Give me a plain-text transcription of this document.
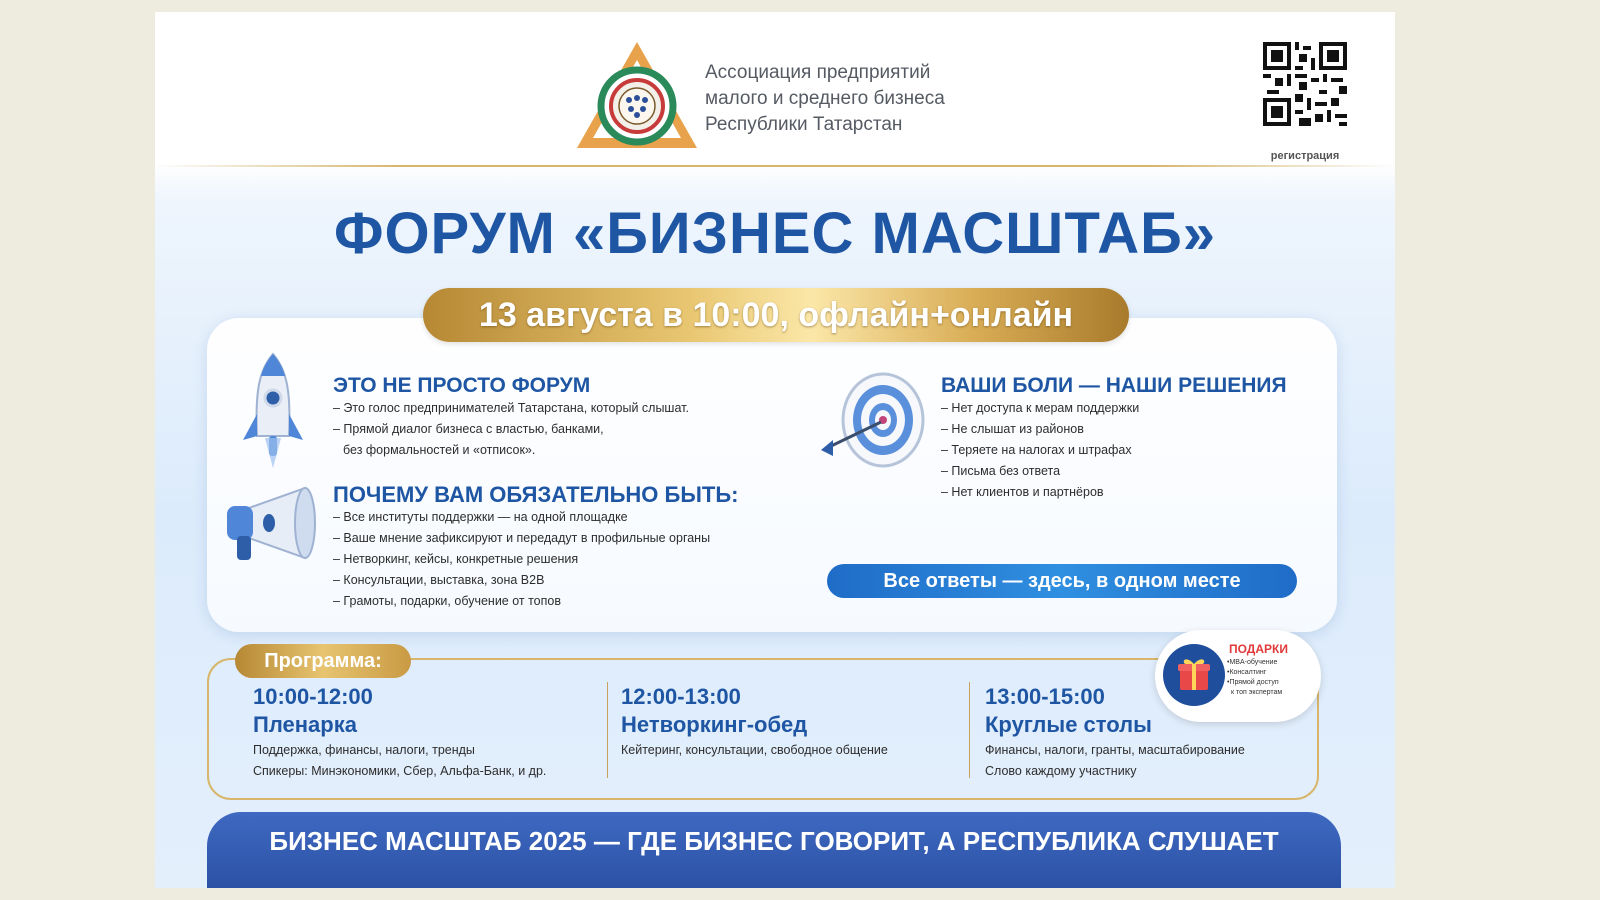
Ассоциация предприятий
малого и среднего бизнеса
Республики Татарстан
регистрация
ФОРУМ «БИЗНЕС МАСШТАБ»
ЭТО НЕ ПРОСТО ФОРУМ
– Это голос предпринимателей Татарстана, который слышат.
– Прямой диалог бизнеса с властью, банками,
без формальностей и «отписок».
ПОЧЕМУ ВАМ ОБЯЗАТЕЛЬНО БЫТЬ:
– Все институты поддержки — на одной площадке
– Ваше мнение зафиксируют и передадут в профильные органы
– Нетворкинг, кейсы, конкретные решения
– Консультации, выставка, зона B2B
– Грамоты, подарки, обучение от топов
ВАШИ БОЛИ — НАШИ РЕШЕНИЯ
– Нет доступа к мерам поддержки
– Не слышат из районов
– Теряете на налогах и штрафах
– Письма без ответа
– Нет клиентов и партнёров
Все ответы — здесь, в одном месте
13 августа в 10:00, офлайн+онлайн
Программа:
10:00-12:00
Пленарка
Поддержка, финансы, налоги, тренды
Спикеры: Минэкономики, Сбер, Альфа-Банк, и др.
12:00-13:00
Нетворкинг-обед
Кейтеринг, консультации, свободное общение
13:00-15:00
Круглые столы
Финансы, налоги, гранты, масштабирование
Слово каждому участнику
ПОДАРКИ
•MBA-обучение
•Консалтинг
•Прямой доступ
к топ экспертам
БИЗНЕС МАСШТАБ 2025 — ГДЕ БИЗНЕС ГОВОРИТ, А РЕСПУБЛИКА СЛУШАЕТ
